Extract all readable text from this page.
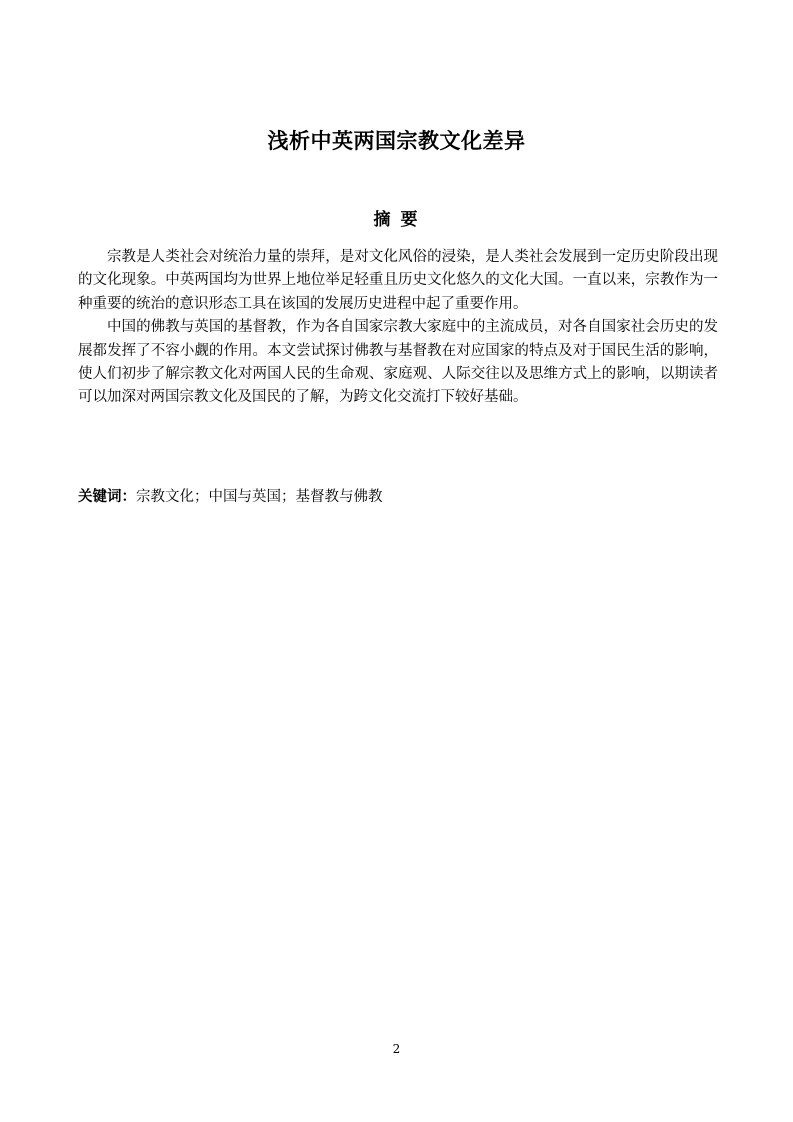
浅析中英两国宗教文化差异
摘 要

宗教是人类社会对统治力量的崇拜，是对文化风俗的浸染，是人类社会发展到一定历史阶段出现的文化现象。中英两国均为世界上地位举足轻重且历史文化悠久的文化大国。一直以来，宗教作为一种重要的统治的意识形态工具在该国的发展历史进程中起了重要作用。

中国的佛教与英国的基督教，作为各自国家宗教大家庭中的主流成员，对各自国家社会历史的发展都发挥了不容小觑的作用。本文尝试探讨佛教与基督教在对应国家的特点及对于国民生活的影响，使人们初步了解宗教文化对两国人民的生命观、家庭观、人际交往以及思维方式上的影响，以期读者可以加深对两国宗教文化及国民的了解，为跨文化交流打下较好基础。

关键词：宗教文化；中国与英国；基督教与佛教
2
